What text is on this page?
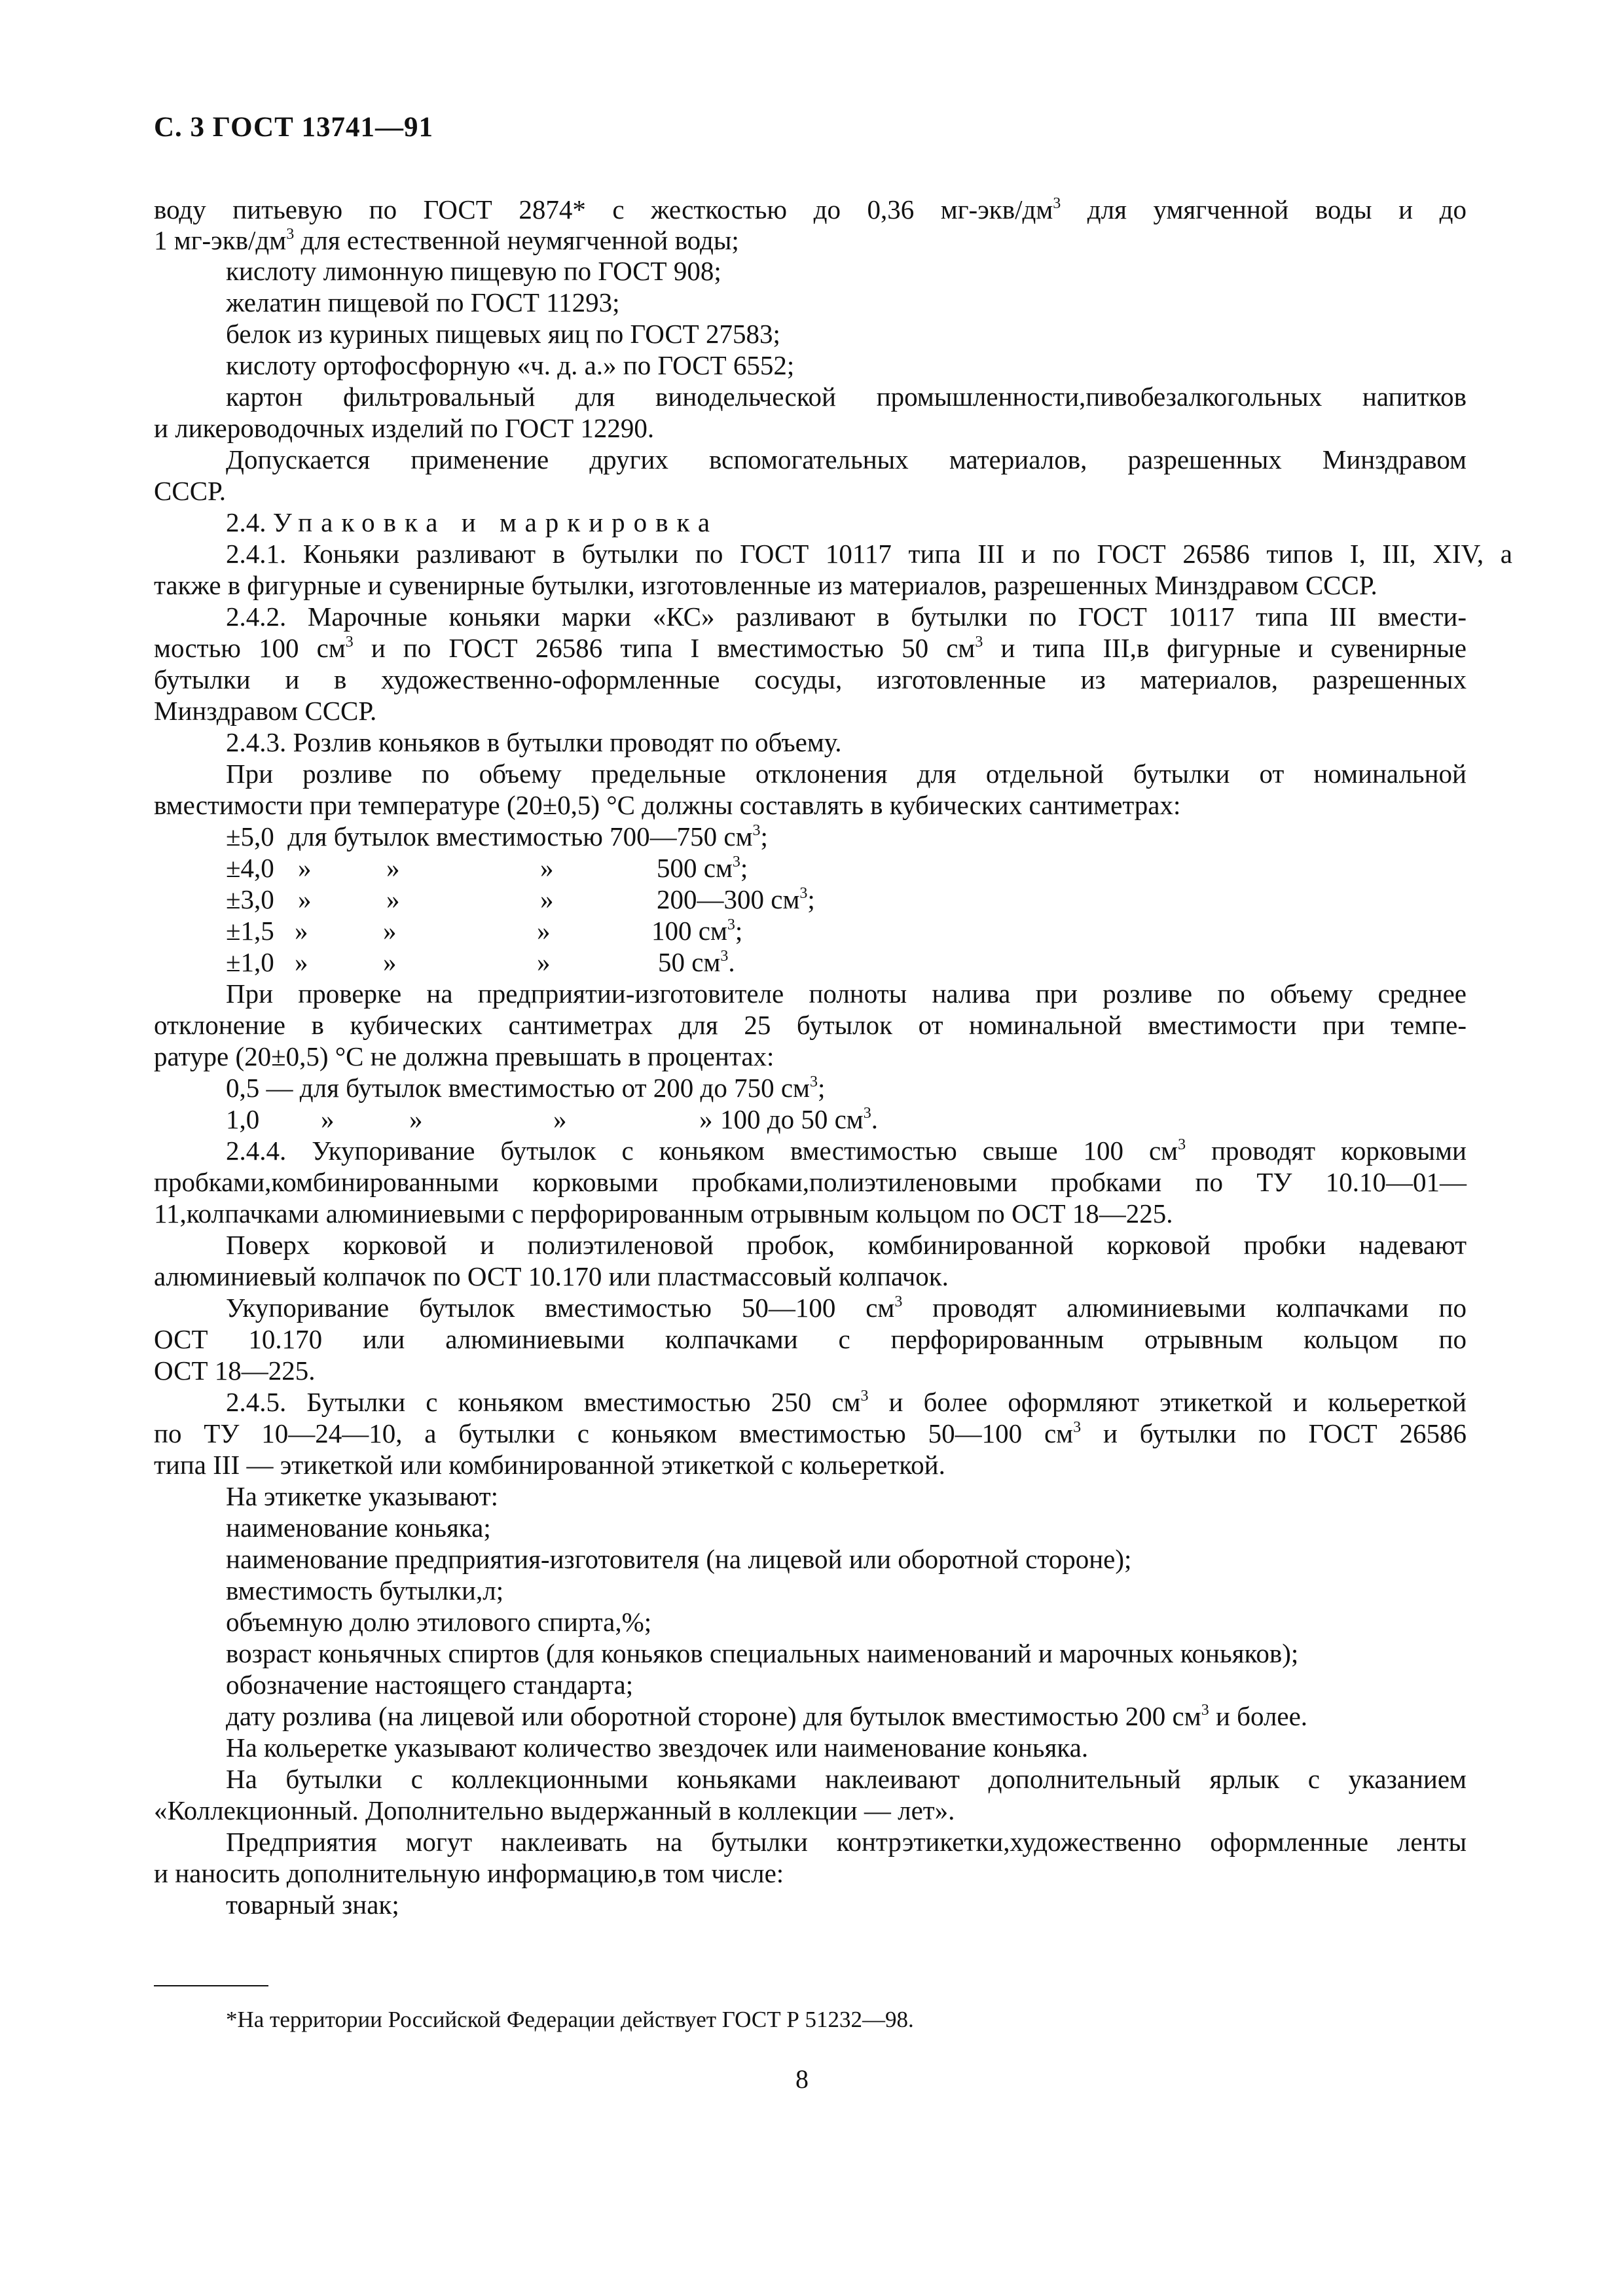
С. 3 ГОСТ 13741—91
воду питьевую по ГОСТ 2874* с жесткостью до 0,36 $мг-экв/дм^3$ для умягченной воды и до
1 $мг-экв/дм^3$ для естественной неумягченной воды;
кислоту лимонную пищевую по ГОСТ 908;
желатин пищевой по ГОСТ 11293;
белок из куриных пищевых яиц по ГОСТ 27583;
кислоту ортофосфорную «ч. д. а.» по ГОСТ 6552;
картон фильтровальный для винодельческой промышленности,пивобезалкогольных напитков
и ликероводочных изделий по ГОСТ 12290.
Допускается применение других вспомогательных материалов, разрешенных Минздравом
СССР.
2.4. Упаковка и маркировка
2.4.1. Коньяки разливают в бутылки по ГОСТ 10117 типа III и по ГОСТ 26586 типов I, III, XIV, а
также в фигурные и сувенирные бутылки, изготовленные из материалов, разрешенных Минздравом СССР.
2.4.2. Марочные коньяки марки «КС» разливают в бутылки по ГОСТ 10117 типа III вмести-
мостью 100 $см^3$ и по ГОСТ 26586 типа I вместимостью 50 $см^3$ и типа III,в фигурные и сувенирные
бутылки и в художественно-оформленные сосуды, изготовленные из материалов, разрешенных
Минздравом СССР.
2.4.3. Розлив коньяков в бутылки проводят по объему.
При розливе по объему предельные отклонения для отдельной бутылки от номинальной
вместимости при температуре (20±0,5) °С должны составлять в кубических сантиметрах:
±5,0 для бутылок вместимостью 700—750 $см^3$;
±4,0 »	»	»	500 $см^3$;
±3,0 »	»	»	200—300 $см^3$;
±1,5 »	»	»	100 $см^3$;
±1,0 »	»	»	50 $см^3$.
При проверке на предприятии-изготовителе полноты налива при розливе по объему среднее
отклонение в кубических сантиметрах для 25 бутылок от номинальной вместимости при темпе-
ратуре (20±0,5) °С не должна превышать в процентах:
0,5 — для бутылок вместимостью от 200 до 750 $см^3$;
1,0 »	»	»	» 100 до 50 $см^3$.
2.4.4. Укупоривание бутылок с коньяком вместимостью свыше 100 $см^3$ проводят корковыми
пробками,комбинированными корковыми пробками,полиэтиленовыми пробками по ТУ 10.10—01—
11,колпачками алюминиевыми с перфорированным отрывным кольцом по ОСТ 18—225.
Поверх корковой и полиэтиленовой пробок, комбинированной корковой пробки надевают
алюминиевый колпачок по ОСТ 10.170 или пластмассовый колпачок.
Укупоривание бутылок вместимостью 50—100 $см^3$ проводят алюминиевыми колпачками по
ОСТ 10.170 или алюминиевыми колпачками с перфорированным отрывным кольцом по
ОСТ 18—225.
2.4.5. Бутылки с коньяком вместимостью 250 $см^3$ и более оформляют этикеткой и кольереткой
по ТУ 10—24—10, а бутылки с коньяком вместимостью 50—100 $см^3$ и бутылки по ГОСТ 26586
типа III — этикеткой или комбинированной этикеткой с кольереткой.
На этикетке указывают:
наименование коньяка;
наименование предприятия-изготовителя (на лицевой или оборотной стороне);
вместимость бутылки,л;
объемную долю этилового спирта,%;
возраст коньячных спиртов (для коньяков специальных наименований и марочных коньяков);
обозначение настоящего стандарта;
дату розлива (на лицевой или оборотной стороне) для бутылок вместимостью 200 $см^3$ и более.
На кольеретке указывают количество звездочек или наименование коньяка.
На бутылки с коллекционными коньяками наклеивают дополнительный ярлык с указанием
«Коллекционный. Дополнительно выдержанный в коллекции — лет».
Предприятия могут наклеивать на бутылки контрэтикетки,художественно оформленные ленты
и наносить дополнительную информацию,в том числе:
товарный знак;
*На территории Российской Федерации действует ГОСТ Р 51232—98.
8
